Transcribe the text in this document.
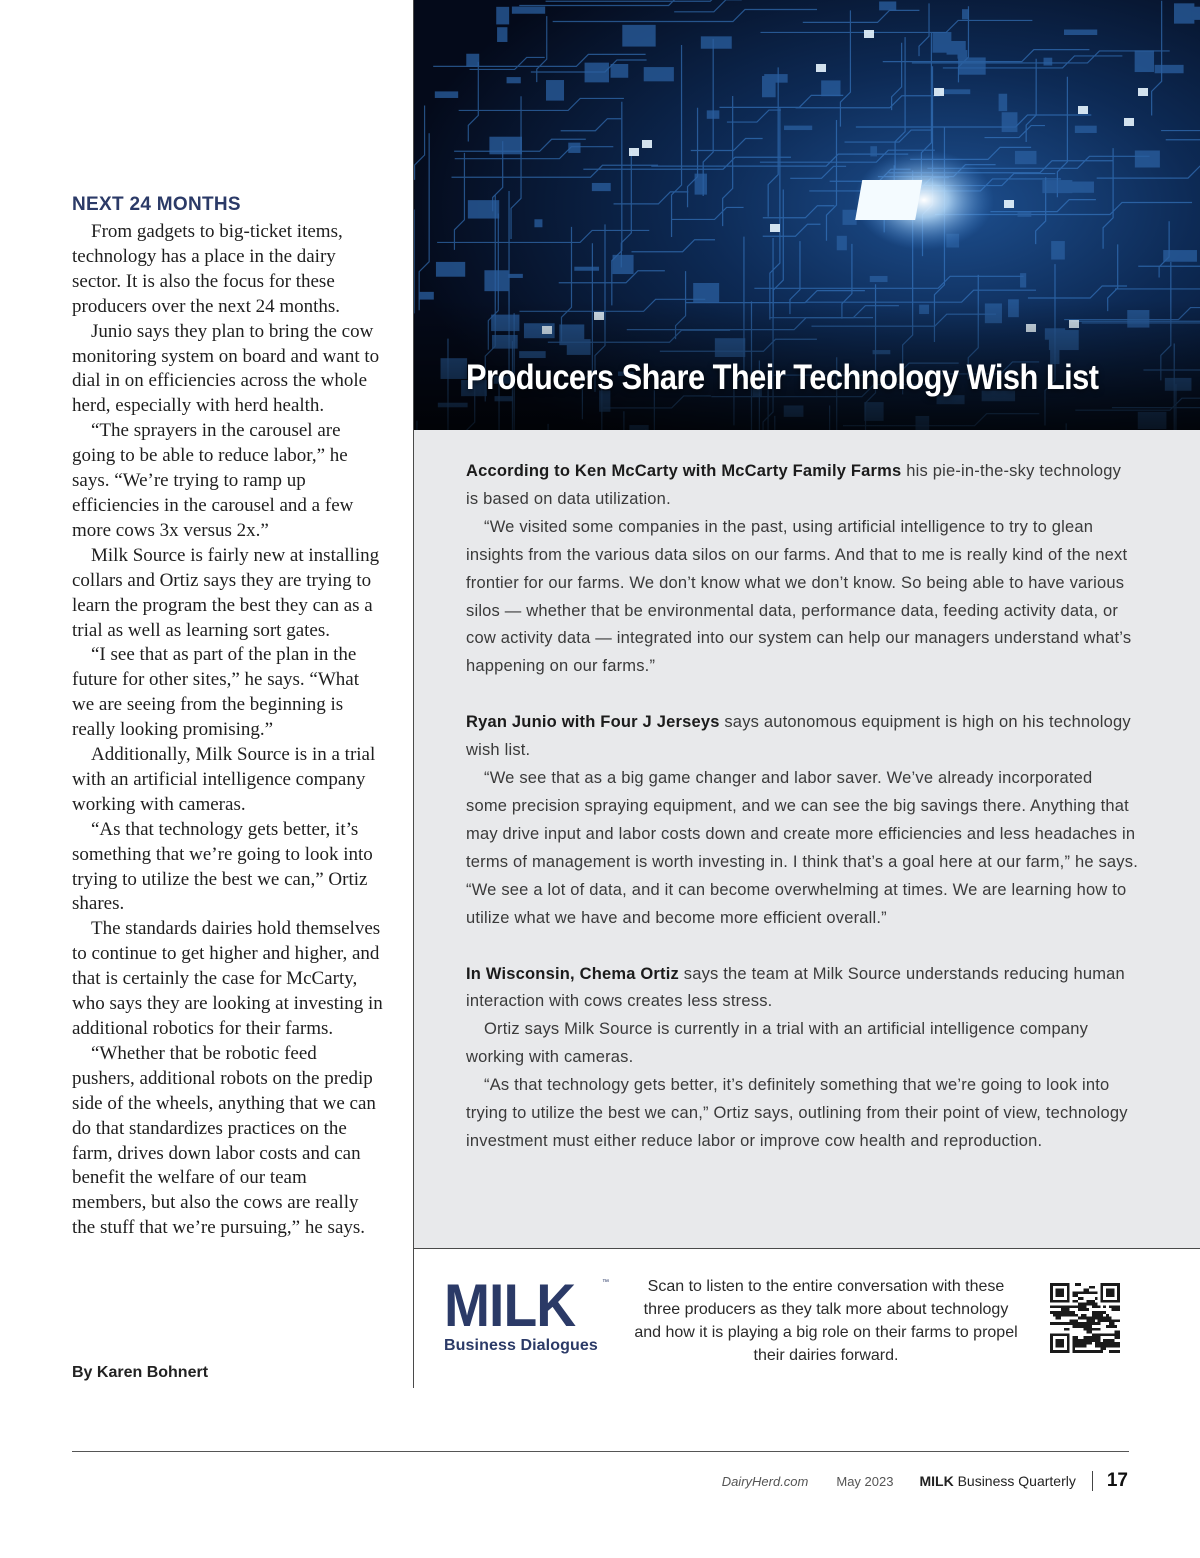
NEXT 24 MONTHS

From gadgets to big-ticket items, technology has a place in the dairy sector. It is also the focus for these producers over the next 24 months.

Junio says they plan to bring the cow monitoring system on board and want to dial in on efficiencies across the whole herd, especially with herd health.

“The sprayers in the carousel are going to be able to reduce labor,” he says. “We’re trying to ramp up efficiencies in the carousel and a few more cows 3x versus 2x.”

Milk Source is fairly new at installing collars and Ortiz says they are trying to learn the program the best they can as a trial as well as learning sort gates.

“I see that as part of the plan in the future for other sites,” he says. “What we are seeing from the beginning is really looking promising.”

Additionally, Milk Source is in a trial with an artificial intelligence company working with cameras.

“As that technology gets better, it’s something that we’re going to look into trying to utilize the best we can,” Ortiz shares.

The standards dairies hold themselves to continue to get higher and higher, and that is certainly the case for McCarty, who says they are looking at investing in additional robotics for their farms.

“Whether that be robotic feed pushers, additional robots on the predip side of the wheels, anything that we can do that standardizes practices on the farm, drives down labor costs and can benefit the welfare of our team members, but also the cows are really the stuff that we’re pursuing,” he says.

By Karen Bohnert

Producers Share Their Technology Wish List

According to Ken McCarty with McCarty Family Farms his pie-in-the-sky technology is based on data utilization.

“We visited some companies in the past, using artificial intelligence to try to glean insights from the various data silos on our farms. And that to me is really kind of the next frontier for our farms. We don’t know what we don’t know. So being able to have various silos — whether that be environmental data, performance data, feeding activity data, or cow activity data — integrated into our system can help our managers understand what’s happening on our farms.”

Ryan Junio with Four J Jerseys says autonomous equipment is high on his technology wish list.

“We see that as a big game changer and labor saver. We’ve already incorporated some precision spraying equipment, and we can see the big savings there. Anything that may drive input and labor costs down and create more efficiencies and less headaches in terms of management is worth investing in. I think that’s a goal here at our farm,” he says. “We see a lot of data, and it can become overwhelming at times. We are learning how to utilize what we have and become more efficient overall.”

In Wisconsin, Chema Ortiz says the team at Milk Source understands reducing human interaction with cows creates less stress.

Ortiz says Milk Source is currently in a trial with an artificial intelligence company working with cameras.

“As that technology gets better, it’s definitely something that we’re going to look into trying to utilize the best we can,” Ortiz says, outlining from their point of view, technology investment must either reduce labor or improve cow health and reproduction.

MILK	™
Business Dialogues
Scan to listen to the entire conversation with these three producers as they talk more about technology and how it is playing a big role on their farms to propel their dairies forward.
DairyHerd.com May 2023 MILK Business Quarterly 17
